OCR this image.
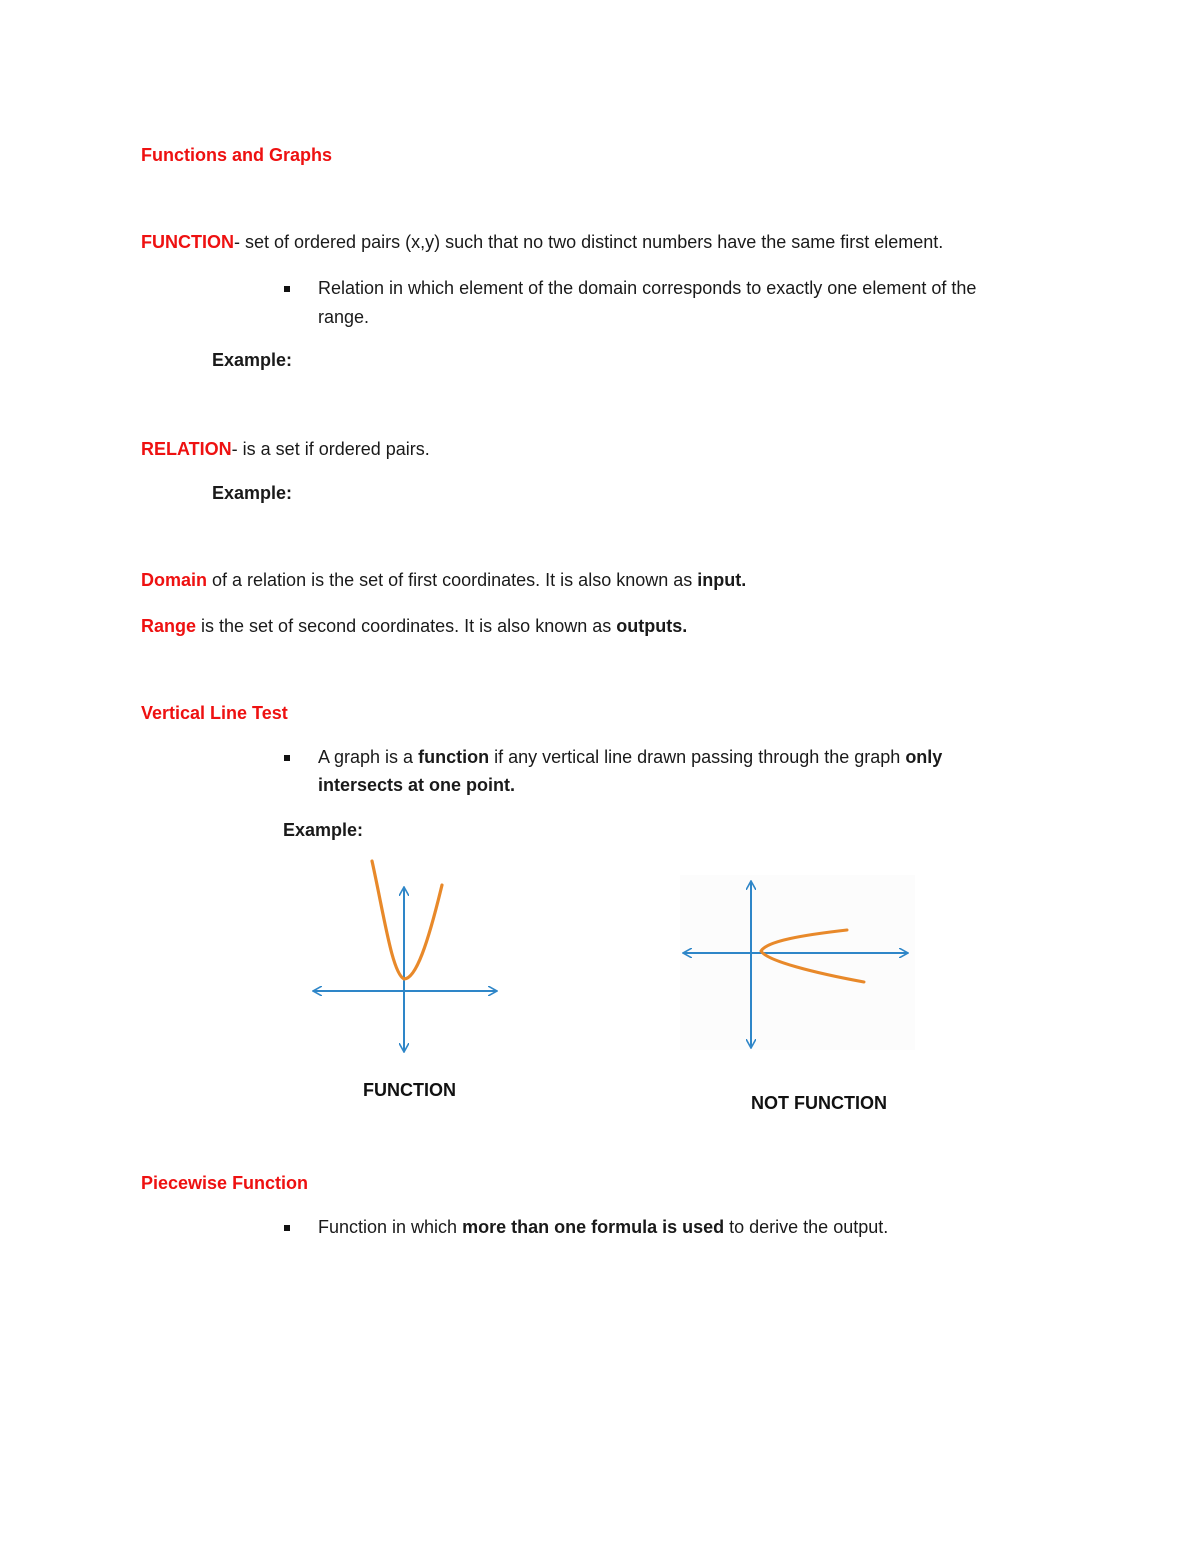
Functions and Graphs
FUNCTION- set of ordered pairs (x,y) such that no two distinct numbers have the same first element.
Relation in which element of the domain corresponds to exactly one element of the
range.
Example:
RELATION- is a set if ordered pairs.
Example:
Domain of a relation is the set of first coordinates. It is also known as input.
Range is the set of second coordinates. It is also known as outputs.
Vertical Line Test
A graph is a function if any vertical line drawn passing through the graph only
intersects at one point.
Example:
FUNCTION
NOT FUNCTION
Piecewise Function
Function in which more than one formula is used to derive the output.
